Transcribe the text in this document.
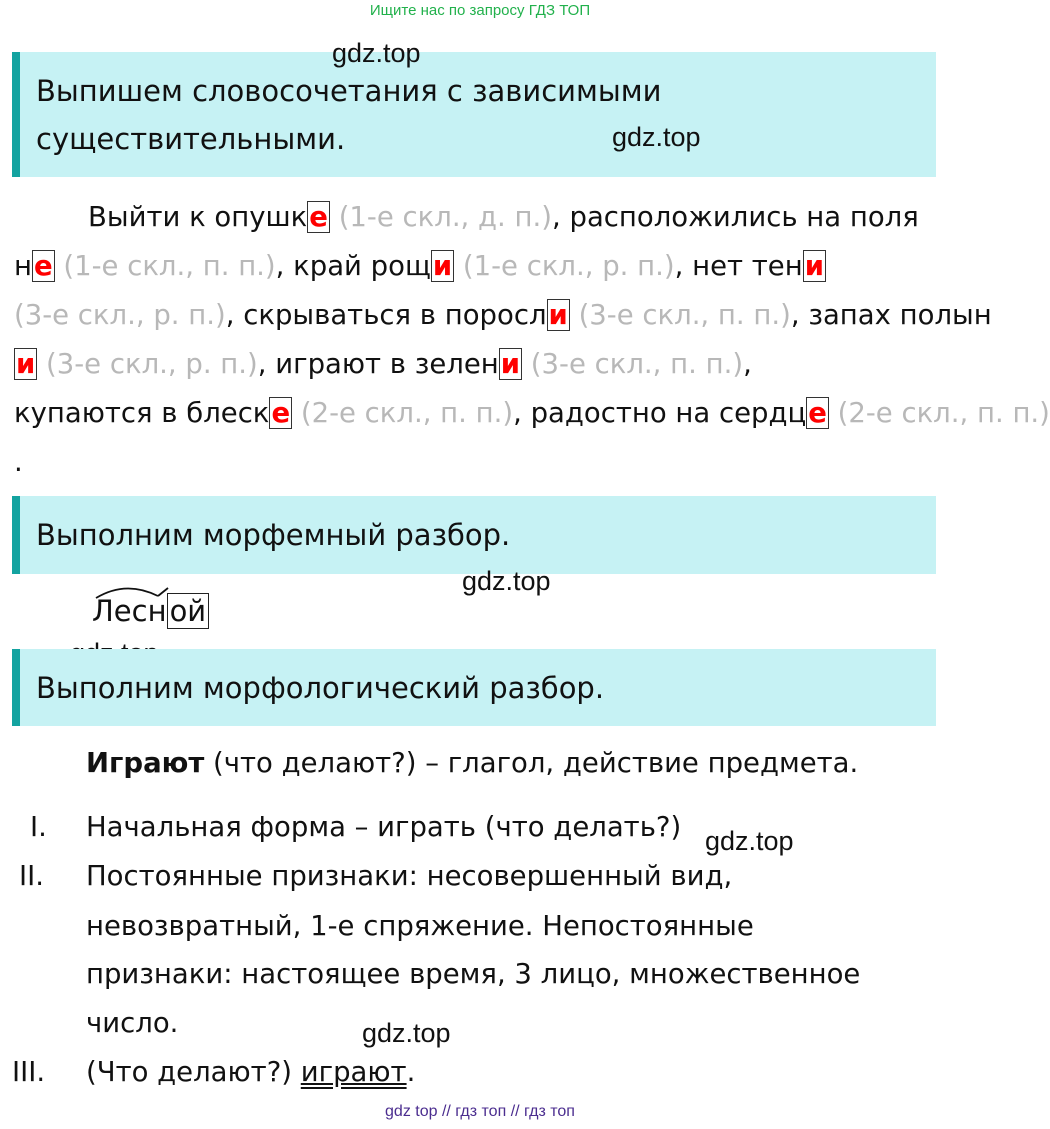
Ищите нас по запросу ГДЗ ТОП
Выпишем словосочетания с зависимыми
существительными.
gdz.top
gdz.top
Выйти к опушке (1-е скл., д. п.), расположились на поля
не (1-е скл., п. п.), край рощи (1-е скл., р. п.), нет тени
(3-е скл., р. п.), скрываться в поросли (3-е скл., п. п.), запах полын
и (3-е скл., р. п.), играют в зелени (3-е скл., п. п.),
купаются в блеске (2-е скл., п. п.), радостно на сердце (2-е скл., п. п.)
.
Выполним морфемный разбор.
gdz.top
Лесн ой
Выполним морфологический разбор.
Играют (что делают?) – глагол, действие предмета.
I. Начальная форма – играть (что делать?) gdz.top
II. Постоянные признаки: несовершенный вид,
невозвратный, 1-е спряжение. Непостоянные
признаки: настоящее время, 3 лицо, множественное
число.	gdz.top
III. (Что делают?) играют.
gdz top // гдз топ // гдз топ
